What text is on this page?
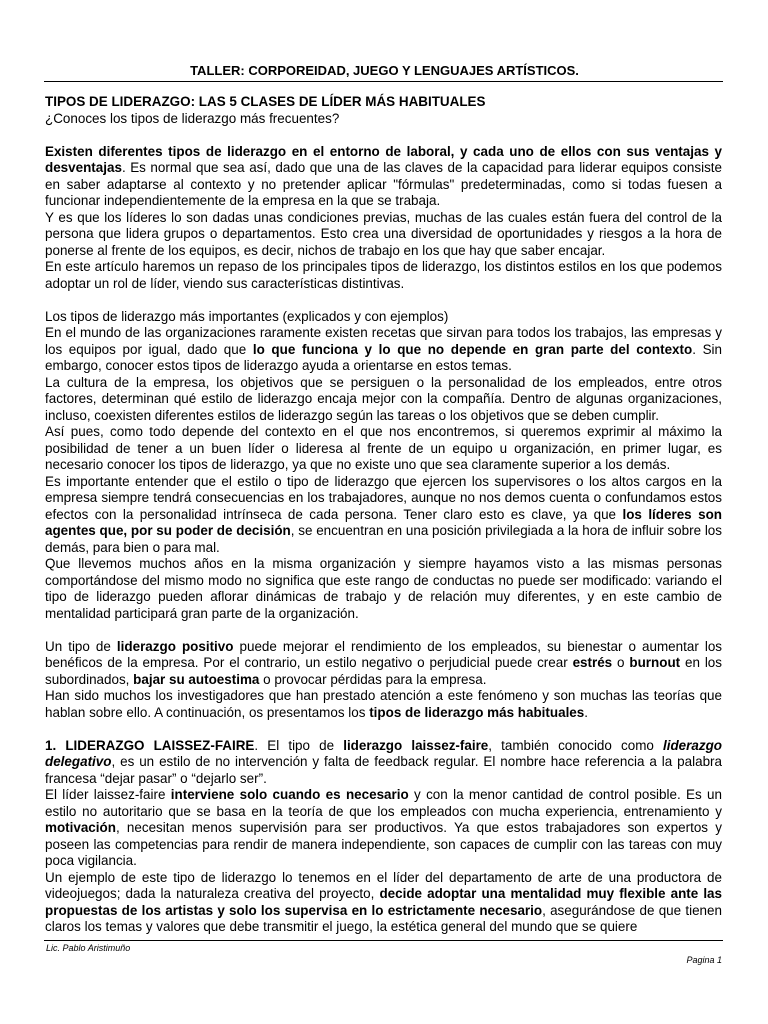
TALLER: CORPOREIDAD, JUEGO Y LENGUAJES ARTÍSTICOS.

TIPOS DE LIDERAZGO: LAS 5 CLASES DE LÍDER MÁS HABITUALES

¿Conoces los tipos de liderazgo más frecuentes?

Existen diferentes tipos de liderazgo en el entorno de laboral, y cada uno de ellos con sus ventajas y desventajas. Es normal que sea así, dado que una de las claves de la capacidad para liderar equipos consiste en saber adaptarse al contexto y no pretender aplicar "fórmulas" predeterminadas, como si todas fuesen a funcionar independientemente de la empresa en la que se trabaja.

Y es que los líderes lo son dadas unas condiciones previas, muchas de las cuales están fuera del control de la persona que lidera grupos o departamentos. Esto crea una diversidad de oportunidades y riesgos a la hora de ponerse al frente de los equipos, es decir, nichos de trabajo en los que hay que saber encajar.

En este artículo haremos un repaso de los principales tipos de liderazgo, los distintos estilos en los que podemos adoptar un rol de líder, viendo sus características distintivas.

Los tipos de liderazgo más importantes (explicados y con ejemplos)

En el mundo de las organizaciones raramente existen recetas que sirvan para todos los trabajos, las empresas y los equipos por igual, dado que lo que funciona y lo que no depende en gran parte del contexto. Sin embargo, conocer estos tipos de liderazgo ayuda a orientarse en estos temas.

La cultura de la empresa, los objetivos que se persiguen o la personalidad de los empleados, entre otros factores, determinan qué estilo de liderazgo encaja mejor con la compañía. Dentro de algunas organizaciones, incluso, coexisten diferentes estilos de liderazgo según las tareas o los objetivos que se deben cumplir.

Así pues, como todo depende del contexto en el que nos encontremos, si queremos exprimir al máximo la posibilidad de tener a un buen líder o lideresa al frente de un equipo u organización, en primer lugar, es necesario conocer los tipos de liderazgo, ya que no existe uno que sea claramente superior a los demás.

Es importante entender que el estilo o tipo de liderazgo que ejercen los supervisores o los altos cargos en la empresa siempre tendrá consecuencias en los trabajadores, aunque no nos demos cuenta o confundamos estos efectos con la personalidad intrínseca de cada persona. Tener claro esto es clave, ya que los líderes son agentes que, por su poder de decisión, se encuentran en una posición privilegiada a la hora de influir sobre los demás, para bien o para mal.

Que llevemos muchos años en la misma organización y siempre hayamos visto a las mismas personas comportándose del mismo modo no significa que este rango de conductas no puede ser modificado: variando el tipo de liderazgo pueden aflorar dinámicas de trabajo y de relación muy diferentes, y en este cambio de mentalidad participará gran parte de la organización.

Un tipo de liderazgo positivo puede mejorar el rendimiento de los empleados, su bienestar o aumentar los benéficos de la empresa. Por el contrario, un estilo negativo o perjudicial puede crear estrés o burnout en los subordinados, bajar su autoestima o provocar pérdidas para la empresa.

Han sido muchos los investigadores que han prestado atención a este fenómeno y son muchas las teorías que hablan sobre ello. A continuación, os presentamos los tipos de liderazgo más habituales.

1. LIDERAZGO LAISSEZ-FAIRE. El tipo de liderazgo laissez-faire, también conocido como liderazgo delegativo, es un estilo de no intervención y falta de feedback regular. El nombre hace referencia a la palabra francesa “dejar pasar” o “dejarlo ser”.

El líder laissez-faire interviene solo cuando es necesario y con la menor cantidad de control posible. Es un estilo no autoritario que se basa en la teoría de que los empleados con mucha experiencia, entrenamiento y motivación, necesitan menos supervisión para ser productivos. Ya que estos trabajadores son expertos y poseen las competencias para rendir de manera independiente, son capaces de cumplir con las tareas con muy poca vigilancia.

Un ejemplo de este tipo de liderazgo lo tenemos en el líder del departamento de arte de una productora de videojuegos; dada la naturaleza creativa del proyecto, decide adoptar una mentalidad muy flexible ante las propuestas de los artistas y solo los supervisa en lo estrictamente necesario, asegurándose de que tienen claros los temas y valores que debe transmitir el juego, la estética general del mundo que se quiere

Lic. Pablo Aristimuño
Pagina 1
